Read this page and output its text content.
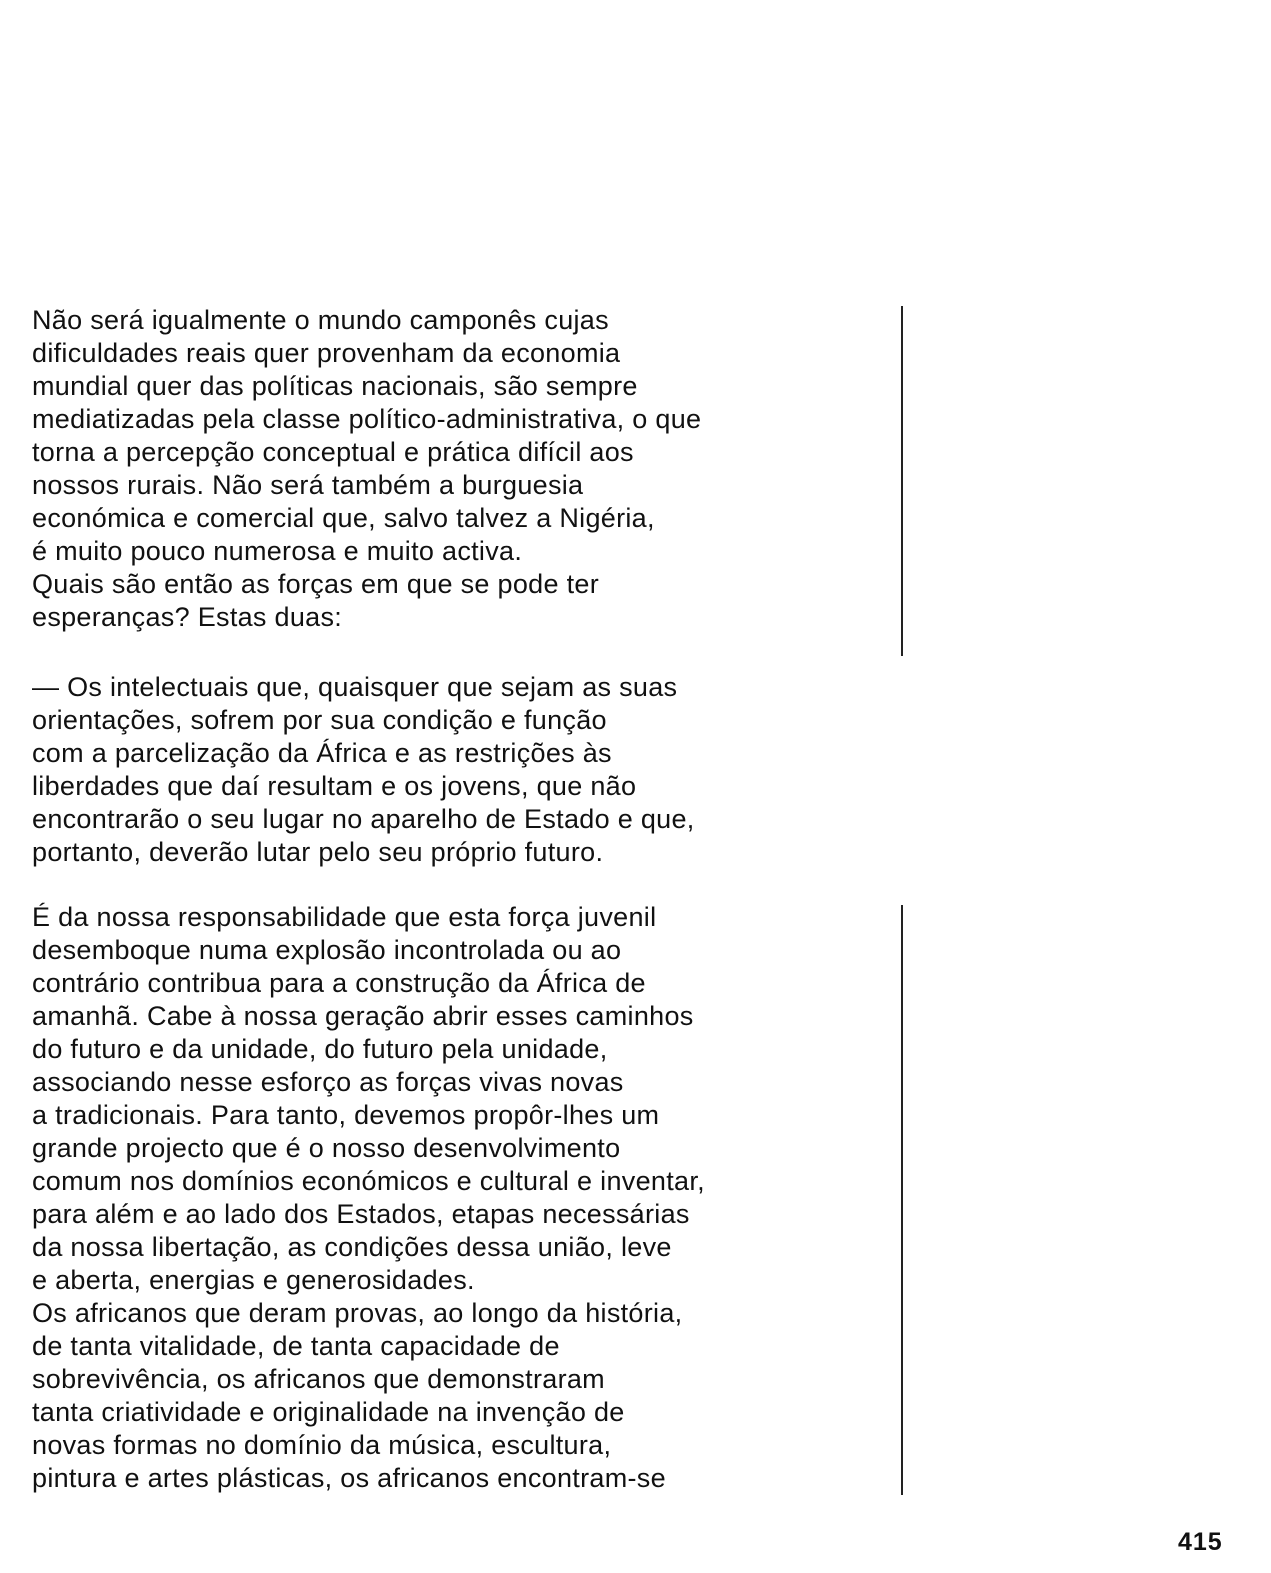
Não será igualmente o mundo camponês cujas
dificuldades reais quer provenham da economia
mundial quer das políticas nacionais, são sempre
mediatizadas pela classe político-administrativa, o que
torna a percepção conceptual e prática difícil aos
nossos rurais. Não será também a burguesia
económica e comercial que, salvo talvez a Nigéria,
é muito pouco numerosa e muito activa.
Quais são então as forças em que se pode ter
esperanças? Estas duas:
— Os intelectuais que, quaisquer que sejam as suas
orientações, sofrem por sua condição e função
com a parcelização da África e as restrições às
liberdades que daí resultam e os jovens, que não
encontrarão o seu lugar no aparelho de Estado e que,
portanto, deverão lutar pelo seu próprio futuro.
É da nossa responsabilidade que esta força juvenil
desemboque numa explosão incontrolada ou ao
contrário contribua para a construção da África de
amanhã. Cabe à nossa geração abrir esses caminhos
do futuro e da unidade, do futuro pela unidade,
associando nesse esforço as forças vivas novas
a tradicionais. Para tanto, devemos propôr-lhes um
grande projecto que é o nosso desenvolvimento
comum nos domínios económicos e cultural e inventar,
para além e ao lado dos Estados, etapas necessárias
da nossa libertação, as condições dessa união, leve
e aberta, energias e generosidades.
Os africanos que deram provas, ao longo da história,
de tanta vitalidade, de tanta capacidade de
sobrevivência, os africanos que demonstraram
tanta criatividade e originalidade na invenção de
novas formas no domínio da música, escultura,
pintura e artes plásticas, os africanos encontram-se
415
